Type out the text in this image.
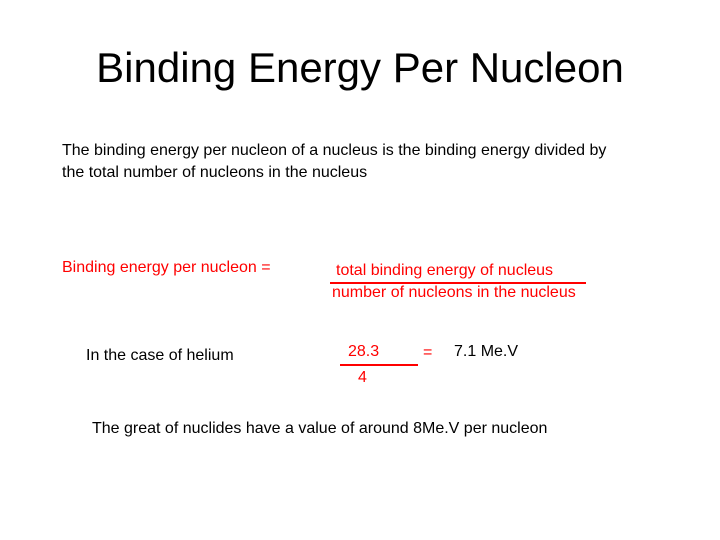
Binding Energy Per Nucleon
The binding energy per nucleon of a nucleus is the binding energy divided by
the total number of nucleons in the nucleus
Binding energy per nucleon =	total binding energy of nucleus
number of nucleons in the nucleus
In the case of helium	28.3
4
= 7.1 Me.V
The great of nuclides have a value of around 8Me.V per nucleon
